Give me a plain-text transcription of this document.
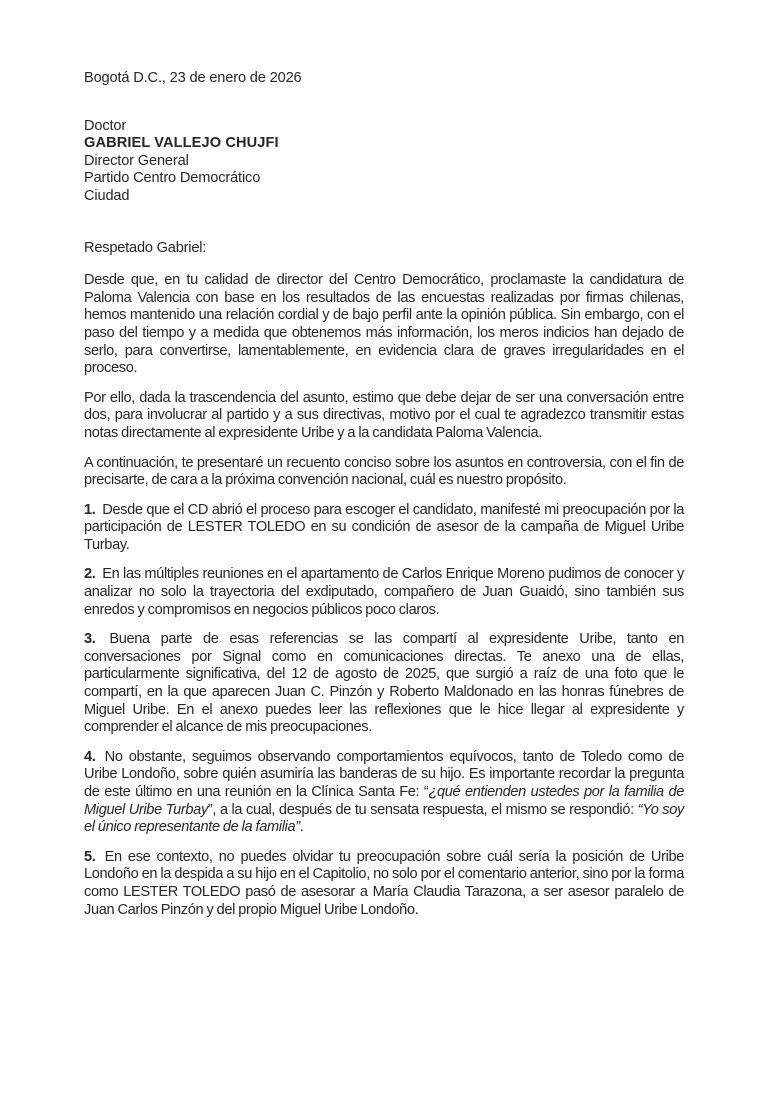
Bogotá D.C., 23 de enero de 2026
Doctor
GABRIEL VALLEJO CHUJFI
Director General
Partido Centro Democrático
Ciudad
Respetado Gabriel:

Desde que, en tu calidad de director del Centro Democrático, proclamaste la candidatura de Paloma Valencia con base en los resultados de las encuestas realizadas por firmas chilenas, hemos mantenido una relación cordial y de bajo perfil ante la opinión pública. Sin embargo, con el paso del tiempo y a medida que obtenemos más información, los meros indicios han dejado de serlo, para convertirse, lamentablemente, en evidencia clara de graves irregularidades en el proceso.

Por ello, dada la trascendencia del asunto, estimo que debe dejar de ser una conversación entre dos, para involucrar al partido y a sus directivas, motivo por el cual te agradezco transmitir estas notas directamente al expresidente Uribe y a la candidata Paloma Valencia.

A continuación, te presentaré un recuento conciso sobre los asuntos en controversia, con el fin de precisarte, de cara a la próxima convención nacional, cuál es nuestro propósito.

1. Desde que el CD abrió el proceso para escoger el candidato, manifesté mi preocupación por la participación de LESTER TOLEDO en su condición de asesor de la campaña de Miguel Uribe Turbay.

2. En las múltiples reuniones en el apartamento de Carlos Enrique Moreno pudimos de conocer y analizar no solo la trayectoria del exdiputado, compañero de Juan Guaidó, sino también sus enredos y compromisos en negocios públicos poco claros.

3. Buena parte de esas referencias se las compartí al expresidente Uribe, tanto en conversaciones por Signal como en comunicaciones directas. Te anexo una de ellas, particularmente significativa, del 12 de agosto de 2025, que surgió a raíz de una foto que le compartí, en la que aparecen Juan C. Pinzón y Roberto Maldonado en las honras fúnebres de Miguel Uribe. En el anexo puedes leer las reflexiones que le hice llegar al expresidente y comprender el alcance de mis preocupaciones.

4. No obstante, seguimos observando comportamientos equívocos, tanto de Toledo como de Uribe Londoño, sobre quién asumiría las banderas de su hijo. Es importante recordar la pregunta de este último en una reunión en la Clínica Santa Fe: “¿qué entienden ustedes por la familia de Miguel Uribe Turbay”, a la cual, después de tu sensata respuesta, el mismo se respondió: “Yo soy el único representante de la familia”.

5. En ese contexto, no puedes olvidar tu preocupación sobre cuál sería la posición de Uribe Londoño en la despida a su hijo en el Capitolio, no solo por el comentario anterior, sino por la forma como LESTER TOLEDO pasó de asesorar a María Claudia Tarazona, a ser asesor paralelo de Juan Carlos Pinzón y del propio Miguel Uribe Londoño.
